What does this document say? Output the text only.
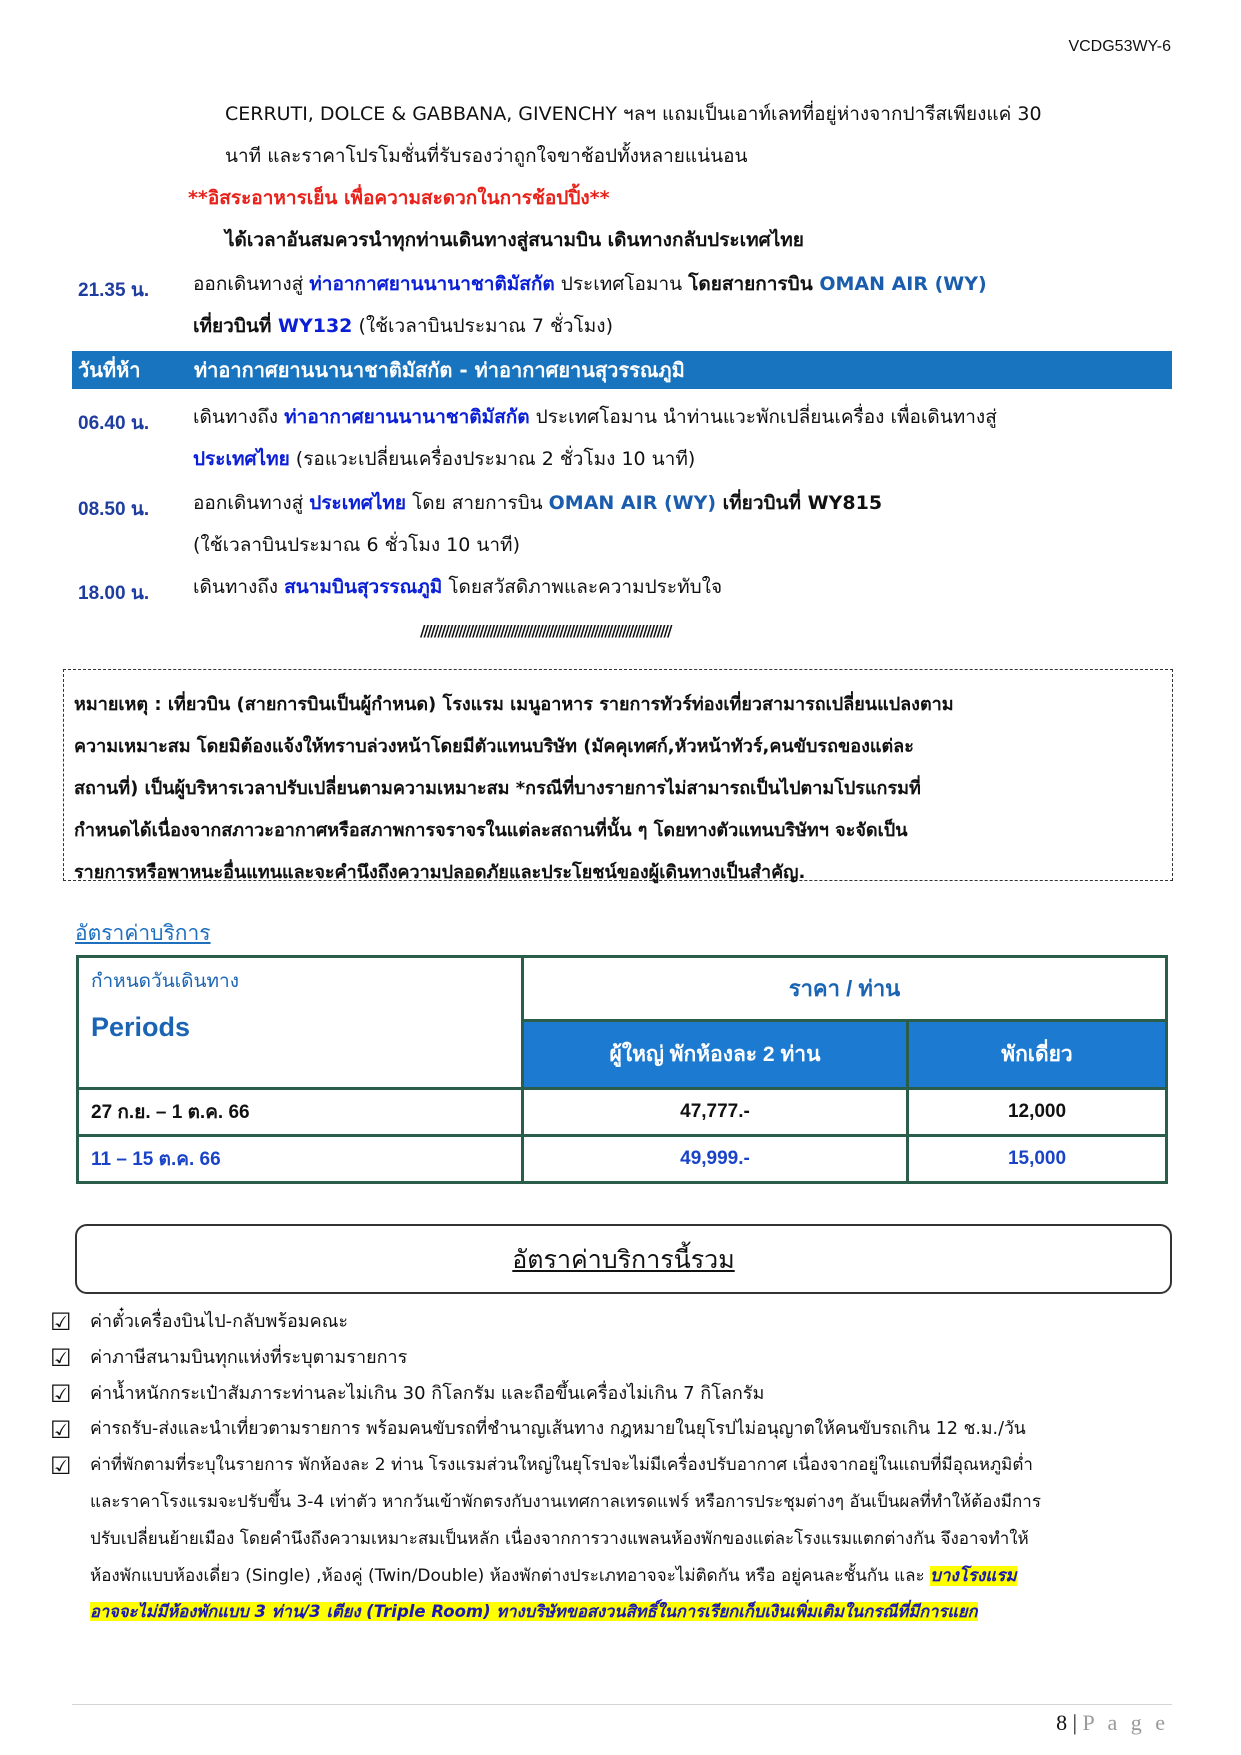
VCDG53WY-6
CERRUTI, DOLCE & GABBANA, GIVENCHY ฯลฯ แถมเป็นเอาท์เลทที่อยู่ห่างจากปารีสเพียงแค่ 30
นาที และราคาโปรโมชั่นที่รับรองว่าถูกใจขาช้อปทั้งหลายแน่นอน
**อิสระอาหารเย็น เพื่อความสะดวกในการช้อปปิ้ง**
ได้เวลาอันสมควรนำทุกท่านเดินทางสู่สนามบิน เดินทางกลับประเทศไทย
21.35 น. ออกเดินทางสู่ ท่าอากาศยานนานาชาติมัสกัต ประเทศโอมาน โดยสายการบิน OMAN AIR (WY)
เที่ยวบินที่ WY132 (ใช้เวลาบินประมาณ 7 ชั่วโมง)
วันที่ห้า	ท่าอากาศยานนานาชาติมัสกัต - ท่าอากาศยานสุวรรณภูมิ
06.40 น. เดินทางถึง ท่าอากาศยานนานาชาติมัสกัต ประเทศโอมาน นำท่านแวะพักเปลี่ยนเครื่อง เพื่อเดินทางสู่
ประเทศไทย (รอแวะเปลี่ยนเครื่องประมาณ 2 ชั่วโมง 10 นาที)
08.50 น. ออกเดินทางสู่ ประเทศไทย โดย สายการบิน OMAN AIR (WY) เที่ยวบินที่ WY815
(ใช้เวลาบินประมาณ 6 ชั่วโมง 10 นาที)
18.00 น. เดินทางถึง สนามบินสุวรรณภูมิ โดยสวัสดิภาพและความประทับใจ
////////////////////////////////////////////////////////////////////////

หมายเหตุ : เที่ยวบิน (สายการบินเป็นผู้กำหนด) โรงแรม เมนูอาหาร รายการทัวร์ท่องเที่ยวสามารถเปลี่ยนแปลงตาม

ความเหมาะสม โดยมิต้องแจ้งให้ทราบล่วงหน้าโดยมีตัวแทนบริษัท (มัคคุเทศก์,หัวหน้าทัวร์,คนขับรถของแต่ละ

สถานที่) เป็นผู้บริหารเวลาปรับเปลี่ยนตามความเหมาะสม *กรณีที่บางรายการไม่สามารถเป็นไปตามโปรแกรมที่

กำหนดได้เนื่องจากสภาวะอากาศหรือสภาพการจราจรในแต่ละสถานที่นั้น ๆ โดยทางตัวแทนบริษัทฯ จะจัดเป็น

รายการหรือพาหนะอื่นแทนและจะคำนึงถึงความปลอดภัยและประโยชน์ของผู้เดินทางเป็นสำคัญ.

อัตราค่าบริการ
กำหนดวันเดินทาง
Periods	ราคา / ท่าน	
	ผู้ใหญ่ พักห้องละ 2 ท่าน	พักเดี่ยว
27 ก.ย. – 1 ต.ค. 66	47,777.-	12,000
11 – 15 ต.ค. 66	49,999.-	15,000
อัตราค่าบริการนี้รวม
☑ ค่าตั๋วเครื่องบินไป-กลับพร้อมคณะ
☑ ค่าภาษีสนามบินทุกแห่งที่ระบุตามรายการ
☑ ค่าน้ำหนักกระเป๋าสัมภาระท่านละไม่เกิน 30 กิโลกรัม และถือขึ้นเครื่องไม่เกิน 7 กิโลกรัม
☑ ค่ารถรับ-ส่งและนำเที่ยวตามรายการ พร้อมคนขับรถที่ชำนาญเส้นทาง กฎหมายในยุโรปไม่อนุญาตให้คนขับรถเกิน 12 ช.ม./วัน
☑ ค่าที่พักตามที่ระบุในรายการ พักห้องละ 2 ท่าน โรงแรมส่วนใหญ่ในยุโรปจะไม่มีเครื่องปรับอากาศ เนื่องจากอยู่ในแถบที่มีอุณหภูมิต่ำ
และราคาโรงแรมจะปรับขึ้น 3-4 เท่าตัว หากวันเข้าพักตรงกับงานเทศกาลเทรดแฟร์ หรือการประชุมต่างๆ อันเป็นผลที่ทำให้ต้องมีการ
ปรับเปลี่ยนย้ายเมือง โดยคำนึงถึงความเหมาะสมเป็นหลัก เนื่องจากการวางแพลนห้องพักของแต่ละโรงแรมแตกต่างกัน จึงอาจทำให้
ห้องพักแบบห้องเดี่ยว (Single) ,ห้องคู่ (Twin/Double) ห้องพักต่างประเภทอาจจะไม่ติดกัน หรือ อยู่คนละชั้นกัน และ บางโรงแรม
อาจจะไม่มีห้องพักแบบ 3 ท่าน/3 เตียง (Triple Room) ทางบริษัทขอสงวนสิทธิ์ในการเรียกเก็บเงินเพิ่มเติมในกรณีที่มีการแยก
8 | P a g e
